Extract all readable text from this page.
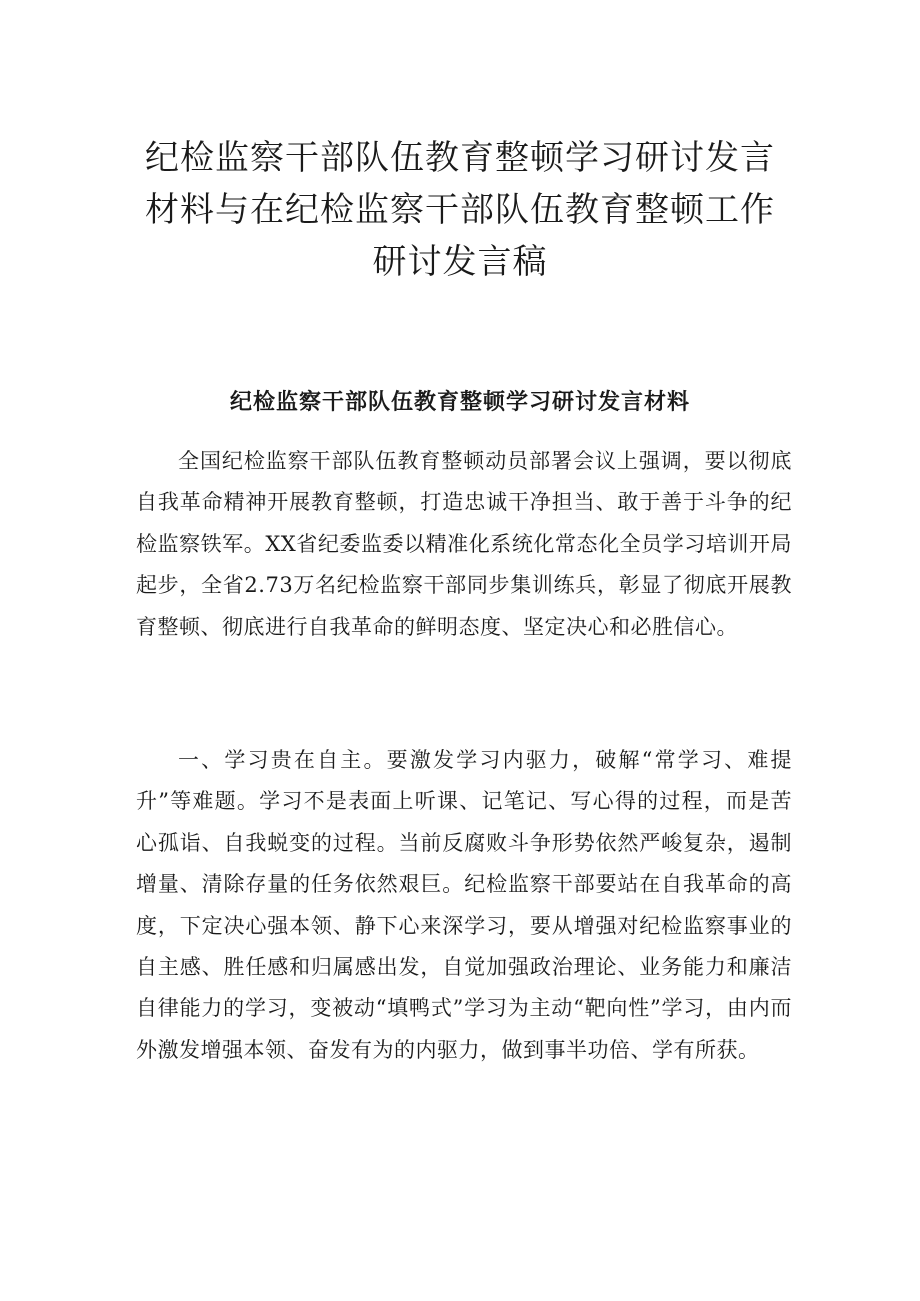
纪检监察干部队伍教育整顿学习研讨发言
材料与在纪检监察干部队伍教育整顿工作
研讨发言稿
纪检监察干部队伍教育整顿学习研讨发言材料

全国纪检监察干部队伍教育整顿动员部署会议上强调，要以彻底自我革命精神开展教育整顿，打造忠诚干净担当、敢于善于斗争的纪检监察铁军。XX省纪委监委以精准化系统化常态化全员学习培训开局起步，全省2.73万名纪检监察干部同步集训练兵，彰显了彻底开展教育整顿、彻底进行自我革命的鲜明态度、坚定决心和必胜信心。

一、学习贵在自主。要激发学习内驱力，破解“常学习、难提升”等难题。学习不是表面上听课、记笔记、写心得的过程，而是苦心孤诣、自我蜕变的过程。当前反腐败斗争形势依然严峻复杂，遏制增量、清除存量的任务依然艰巨。纪检监察干部要站在自我革命的高度，下定决心强本领、静下心来深学习，要从增强对纪检监察事业的自主感、胜任感和归属感出发，自觉加强政治理论、业务能力和廉洁自律能力的学习，变被动“填鸭式”学习为主动“靶向性”学习，由内而外激发增强本领、奋发有为的内驱力，做到事半功倍、学有所获。
